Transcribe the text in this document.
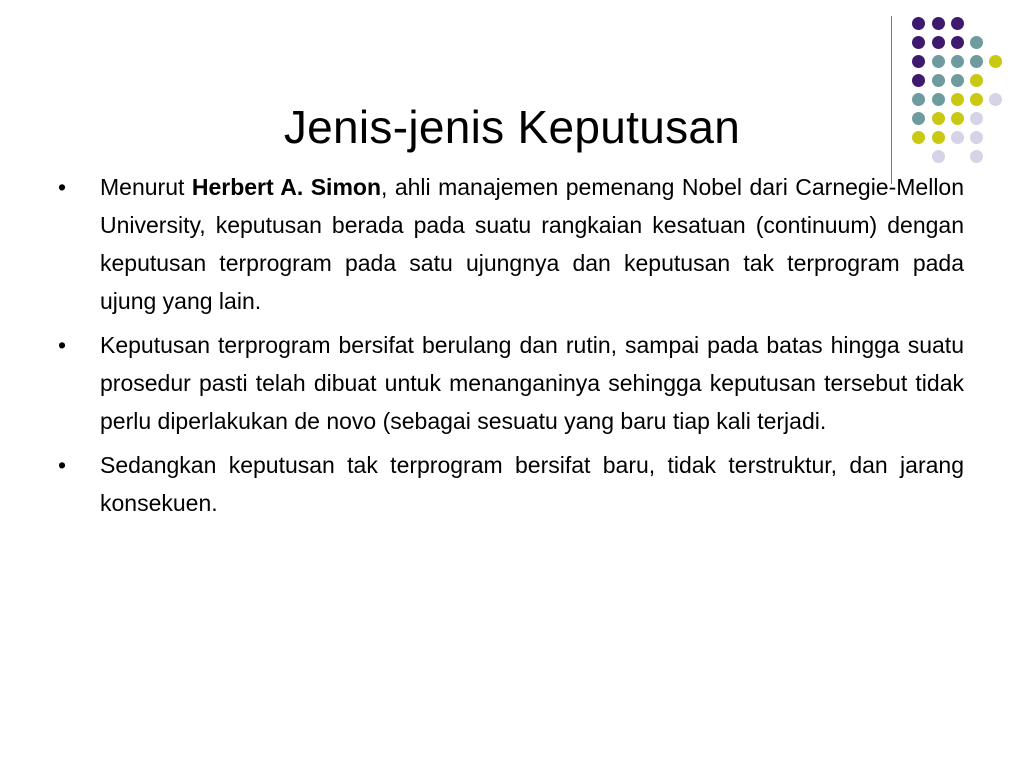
Jenis-jenis Keputusan
• Menurut Herbert A. Simon, ahli manajemen pemenang Nobel dari Carnegie-Mellon University, keputusan berada pada suatu rangkaian kesatuan (continuum) dengan keputusan terprogram pada satu ujungnya dan keputusan tak terprogram pada ujung yang lain.
• Keputusan terprogram bersifat berulang dan rutin, sampai pada batas hingga suatu prosedur pasti telah dibuat untuk menanganinya sehingga keputusan tersebut tidak perlu diperlakukan de novo (sebagai sesuatu yang baru tiap kali terjadi.
• Sedangkan keputusan tak terprogram bersifat baru, tidak terstruktur, dan jarang konsekuen.
